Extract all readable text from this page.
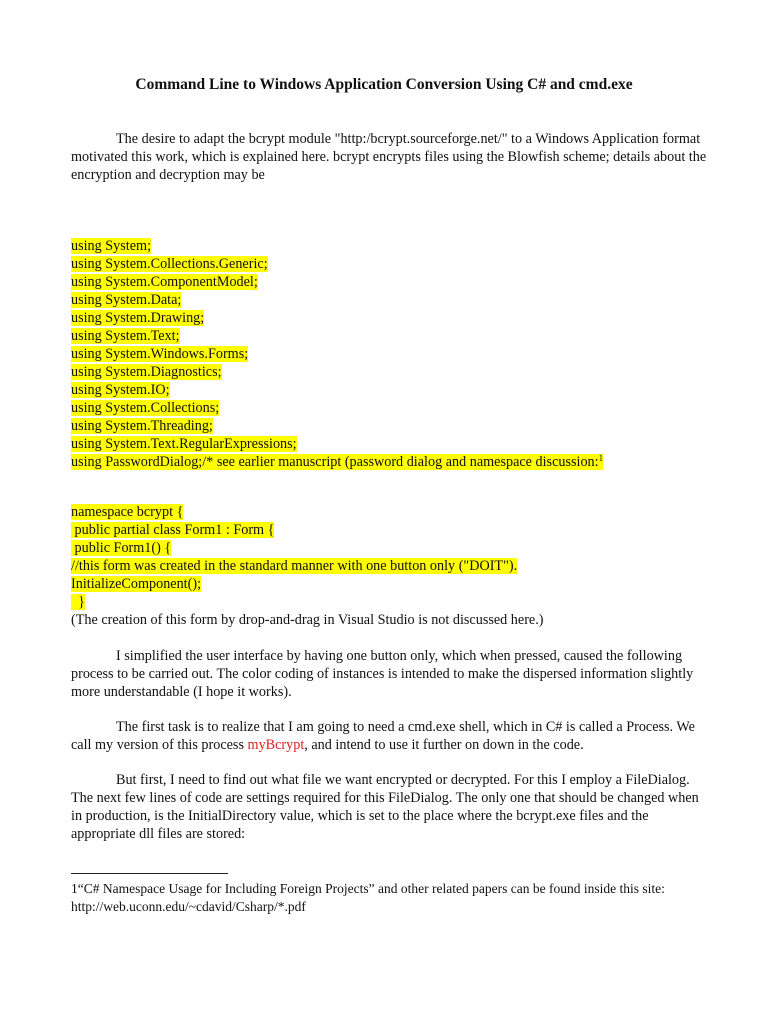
Command Line to Windows Application Conversion Using C# and cmd.exe

The desire to adapt the bcrypt module "http:/bcrypt.sourceforge.net/" to a Windows Application format motivated this work, which is explained here. bcrypt encrypts files using the Blowfish scheme; details about the encryption and decryption may be

using System;
using System.Collections.Generic;
using System.ComponentModel;
using System.Data;
using System.Drawing;
using System.Text;
using System.Windows.Forms;
using System.Diagnostics;
using System.IO;
using System.Collections;
using System.Threading;
using System.Text.RegularExpressions;
using PasswordDialog;/* see earlier manuscript (password dialog and namespace discussion:$^1$
namespace bcrypt {
public partial class Form1 : Form {
public Form1() {
//this form was created in the standard manner with one button only ("DOIT").
InitializeComponent();
}
(The creation of this form by drop-and-drag in Visual Studio is not discussed here.)

I simplified the user interface by having one button only, which when pressed, caused the following process to be carried out. The color coding of instances is intended to make the dispersed information slightly more understandable (I hope it works).

The first task is to realize that I am going to need a cmd.exe shell, which in C# is called a Process. We call my version of this process myBcrypt, and intend to use it further on down in the code.

But first, I need to find out what file we want encrypted or decrypted. For this I employ a FileDialog. The next few lines of code are settings required for this FileDialog. The only one that should be changed when in production, is the InitialDirectory value, which is set to the place where the bcrypt.exe files and the appropriate dll files are stored:

1“C# Namespace Usage for Including Foreign Projects” and other related papers can be found inside this site:

http://web.uconn.edu/~cdavid/Csharp/*.pdf
